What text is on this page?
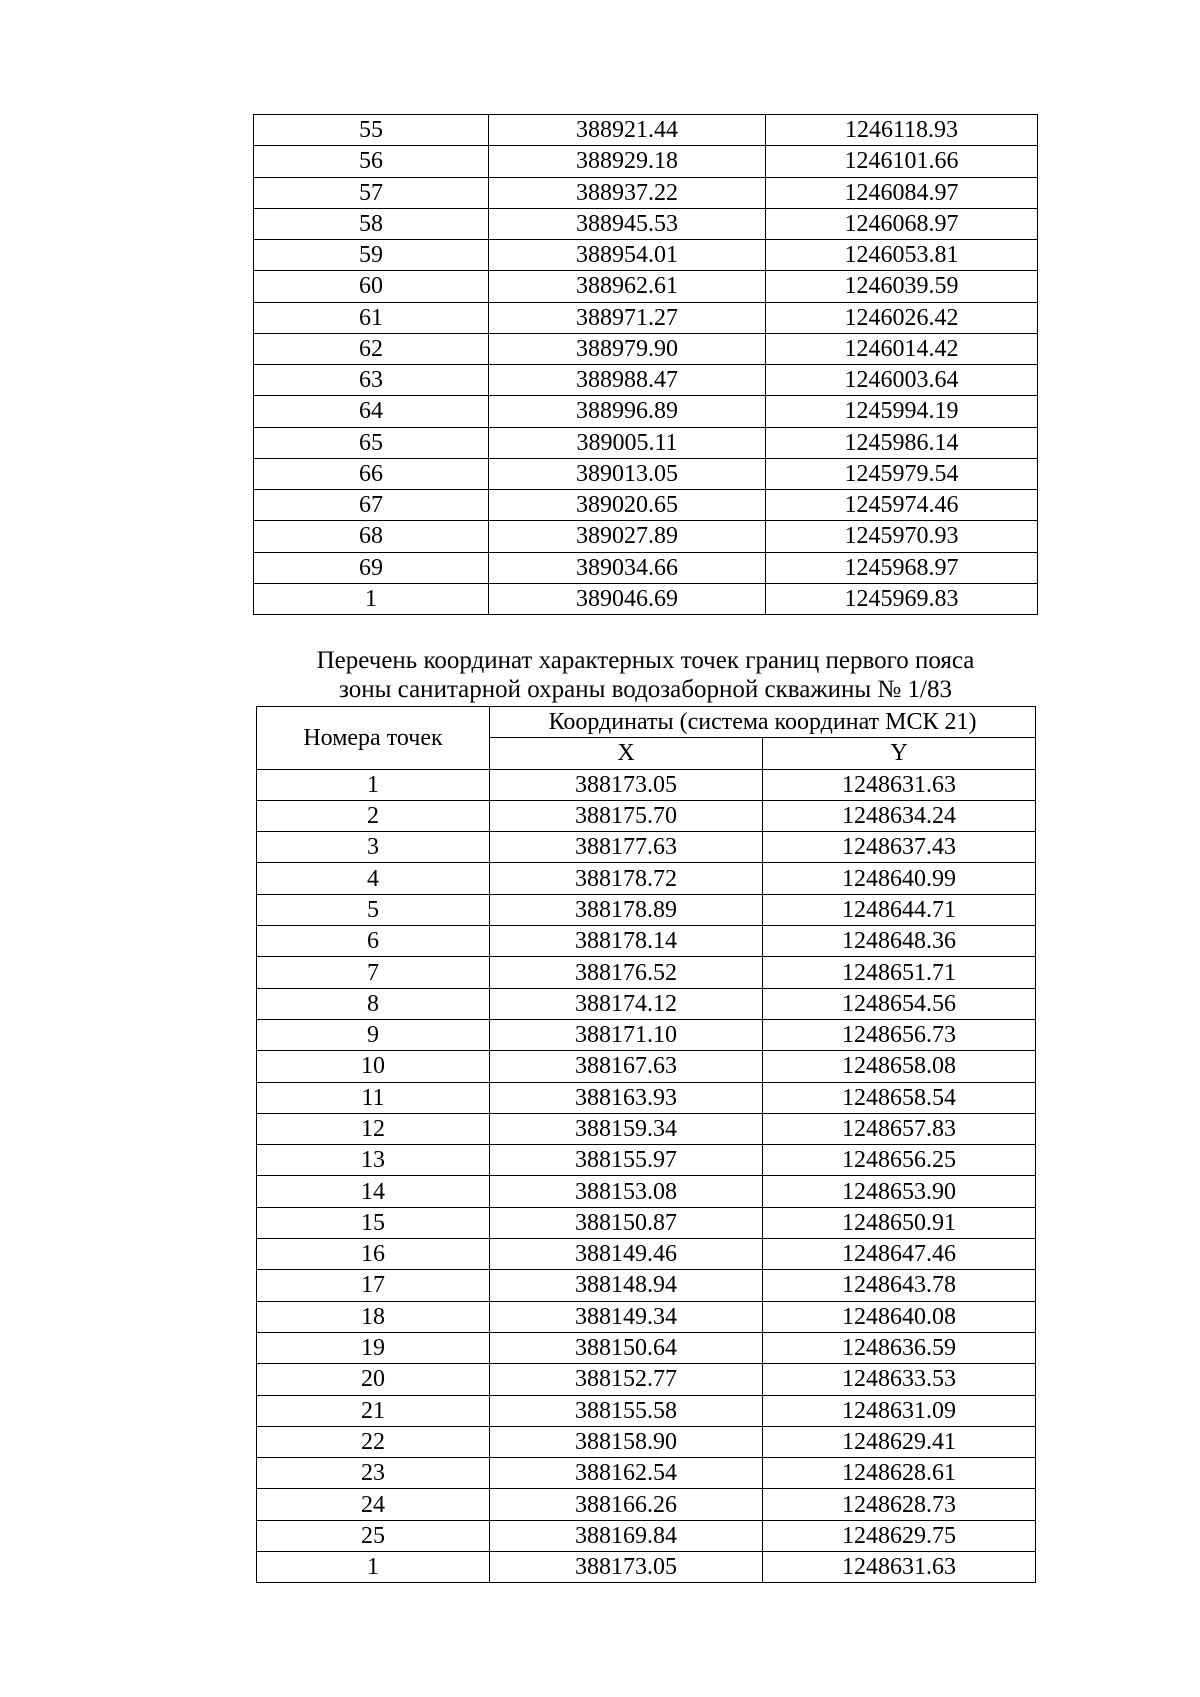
55	388921.44	1246118.93
56	388929.18	1246101.66
57	388937.22	1246084.97
58	388945.53	1246068.97
59	388954.01	1246053.81
60	388962.61	1246039.59
61	388971.27	1246026.42
62	388979.90	1246014.42
63	388988.47	1246003.64
64	388996.89	1245994.19
65	389005.11	1245986.14
66	389013.05	1245979.54
67	389020.65	1245974.46
68	389027.89	1245970.93
69	389034.66	1245968.97
1	389046.69	1245969.83
Перечень координат характерных точек границ первого пояса
зоны санитарной охраны водозаборной скважины № 1/83
Номера точек	Координаты (система координат МСК 21)	
	X	Y
1	388173.05	1248631.63
2	388175.70	1248634.24
3	388177.63	1248637.43
4	388178.72	1248640.99
5	388178.89	1248644.71
6	388178.14	1248648.36
7	388176.52	1248651.71
8	388174.12	1248654.56
9	388171.10	1248656.73
10	388167.63	1248658.08
11	388163.93	1248658.54
12	388159.34	1248657.83
13	388155.97	1248656.25
14	388153.08	1248653.90
15	388150.87	1248650.91
16	388149.46	1248647.46
17	388148.94	1248643.78
18	388149.34	1248640.08
19	388150.64	1248636.59
20	388152.77	1248633.53
21	388155.58	1248631.09
22	388158.90	1248629.41
23	388162.54	1248628.61
24	388166.26	1248628.73
25	388169.84	1248629.75
1	388173.05	1248631.63
